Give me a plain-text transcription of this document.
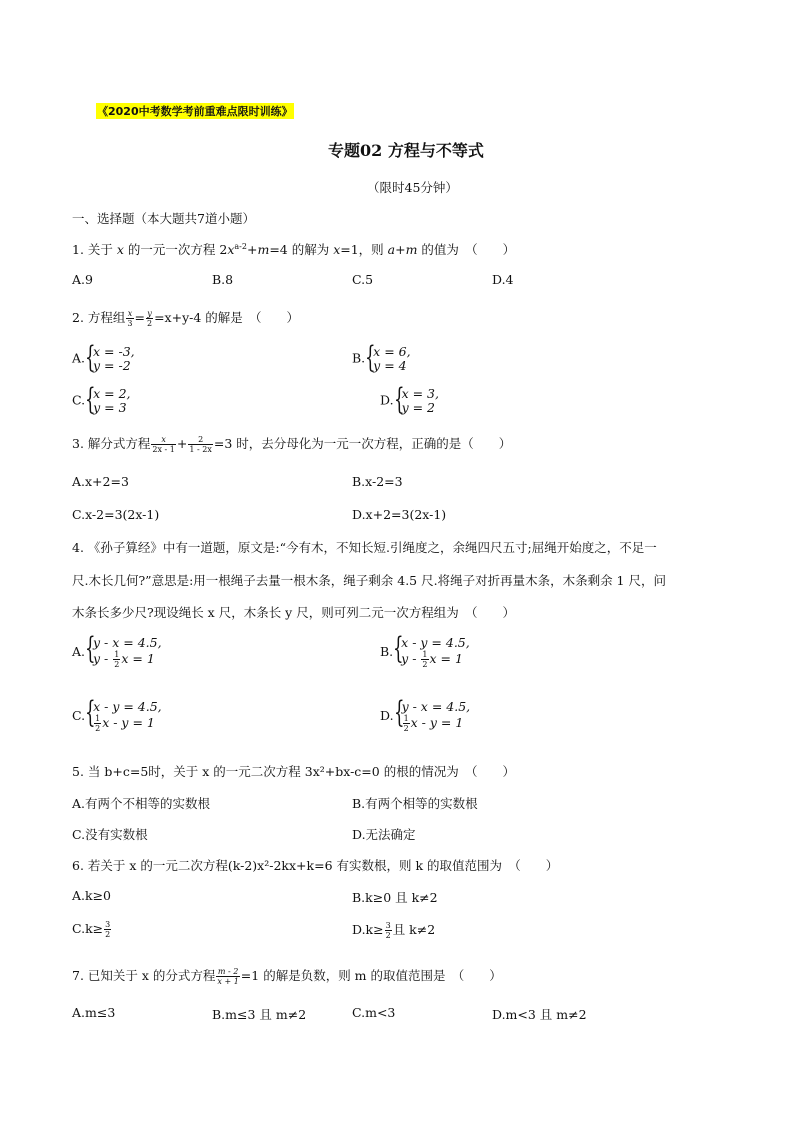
《2020中考数学考前重难点限时训练》
专题02 方程与不等式
（限时45分钟）
一、选择题（本大题共7道小题）
1. 关于 x 的一元一次方程 $2x^{a-2}+m=4$ 的解为 x=1，则 a+m 的值为　（　　）
A.9	B.8	C.5	D.4
2. 方程组 $\frac{x}{3} = \frac{y}{2} =x+y-4$ 的解是　（　　）
A. {
x = -3,
y = -2	B. {
x = 6,
y = 4
C. {
x = 2,
y = 3	D. {
x = 3,
y = 2
3. 解分式方程 $\frac{x}{2x - 1} + \frac{2}{1 - 2x} =3$ 时，去分母化为一元一次方程，正确的是（　　）
A.x+2=3	B.x-2=3
C.x-2=3(2x-1)	D.x+2=3(2x-1)
4. 《孙子算经》中有一道题，原文是:“今有木，不知长短.引绳度之，余绳四尺五寸;屈绳开始度之，不足一
尺.木长几何?”意思是:用一根绳子去量一根木条，绳子剩余 4.5 尺.将绳子对折再量木条，木条剩余 1 尺，问
木条长多少尺?现设绳长 x 尺，木条长 y 尺，则可列二元一次方程组为　（　　）
A. {
y - x = 4.5,
y - $\frac{1}{2}$ x = 1	B. {
x - y = 4.5,
y - $\frac{1}{2}$ x = 1
C. {
x - y = 4.5,
$\frac{1}{2}$ x - y = 1	D. {
y - x = 4.5,
$\frac{1}{2}$ x - y = 1
5. 当 b+c=5时，关于 x 的一元二次方程 3x²+bx-c=0 的根的情况为　（　　）
A.有两个不相等的实数根	B.有两个相等的实数根
C.没有实数根	D.无法确定
6. 若关于 x 的一元二次方程(k-2)x²-2kx+k=6 有实数根，则 k 的取值范围为　（　　）
A.k≥0	B.k≥0 且 k≠2
$C.k\ge \frac{3}{2}$	$D.k\ge \frac{3}{2}$ 且 k≠2
7. 已知关于 x 的分式方程 $\frac{m - 2}{x + 1} =1$ 的解是负数，则 m 的取值范围是　（　　）
A.m≤3	B.m≤3 且 m≠2	C.m<3	D.m<3 且 m≠2
